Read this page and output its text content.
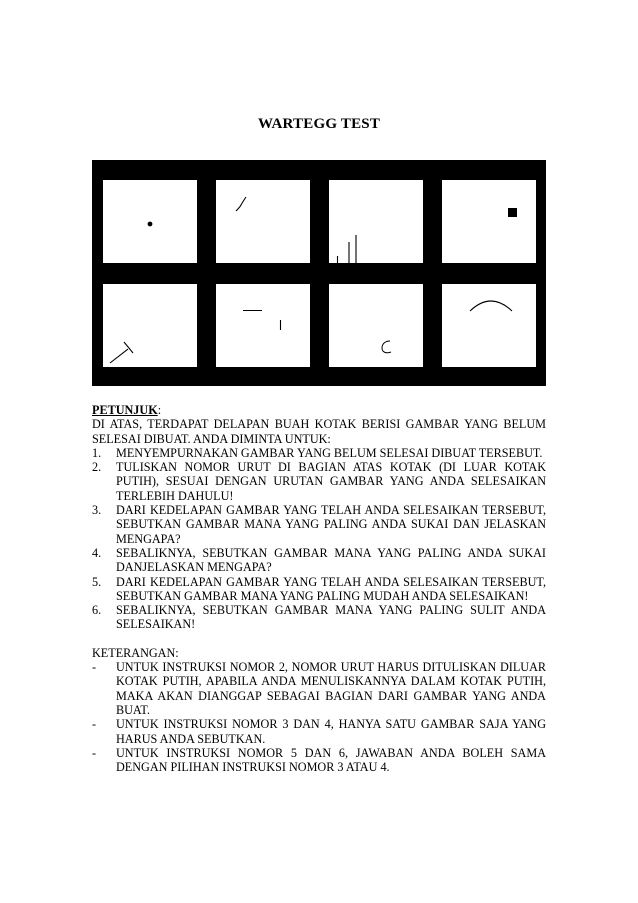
WARTEGG TEST

PETUNJUK:

DI ATAS, TERDAPAT DELAPAN BUAH KOTAK BERISI GAMBAR YANG BELUM SELESAI DIBUAT. ANDA DIMINTA UNTUK:

1.	MENYEMPURNAKAN GAMBAR YANG BELUM SELESAI DIBUAT TERSEBUT.
2.	TULISKAN NOMOR URUT DI BAGIAN ATAS KOTAK (DI LUAR KOTAK PUTIH), SESUAI DENGAN URUTAN GAMBAR YANG ANDA SELESAIKAN TERLEBIH DAHULU!
3.	DARI KEDELAPAN GAMBAR YANG TELAH ANDA SELESAIKAN TERSEBUT, SEBUTKAN GAMBAR MANA YANG PALING ANDA SUKAI DAN JELASKAN MENGAPA?
4.	SEBALIKNYA, SEBUTKAN GAMBAR MANA YANG PALING ANDA SUKAI DANJELASKAN MENGAPA?
5.	DARI KEDELAPAN GAMBAR YANG TELAH ANDA SELESAIKAN TERSEBUT, SEBUTKAN GAMBAR MANA YANG PALING MUDAH ANDA SELESAIKAN!
6.	SEBALIKNYA, SEBUTKAN GAMBAR MANA YANG PALING SULIT ANDA SELESAIKAN!

KETERANGAN:

-	UNTUK INSTRUKSI NOMOR 2, NOMOR URUT HARUS DITULISKAN DILUAR KOTAK PUTIH, APABILA ANDA MENULISKANNYA DALAM KOTAK PUTIH, MAKA AKAN DIANGGAP SEBAGAI BAGIAN DARI GAMBAR YANG ANDA BUAT.
-	UNTUK INSTRUKSI NOMOR 3 DAN 4, HANYA SATU GAMBAR SAJA YANG HARUS ANDA SEBUTKAN.
-	UNTUK INSTRUKSI NOMOR 5 DAN 6, JAWABAN ANDA BOLEH SAMA DENGAN PILIHAN INSTRUKSI NOMOR 3 ATAU 4.
